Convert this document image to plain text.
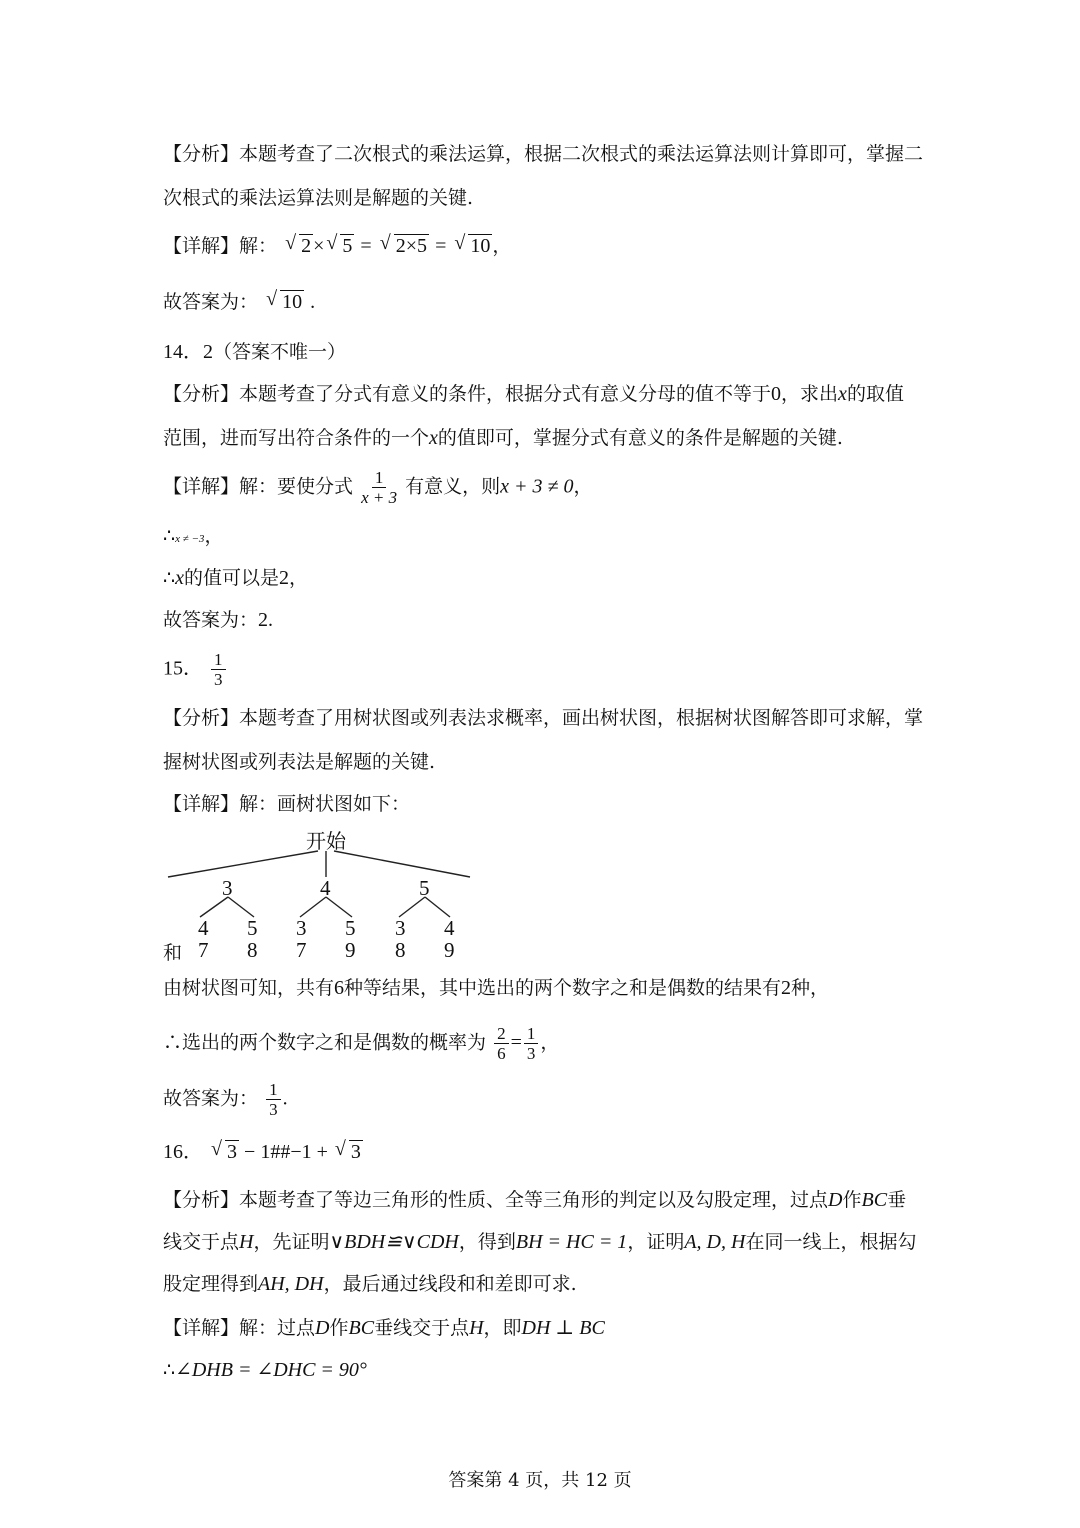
【分析】本题考查了二次根式的乘法运算，根据二次根式的乘法运算法则计算即可，掌握二
次根式的乘法运算法则是解题的关键.
【详解】解： √ 2 × √ 5 = √ 2×5 = √ 10 ，
故答案为： √ 10 .
14．2（答案不唯一）
【分析】本题考查了分式有意义的条件，根据分式有意义分母的值不等于0，求出x的取值
范围，进而写出符合条件的一个x的值即可，掌握分式有意义的条件是解题的关键.
【详解】解：要使分式 $\frac{1}{x + 3}$ 有意义，则x + 3 ≠ 0，
∴x ≠ −3，
∴x的值可以是2，
故答案为：2.
15． $\frac{1}{3}$
【分析】本题考查了用树状图或列表法求概率，画出树状图，根据树状图解答即可求解，掌
握树状图或列表法是解题的关键.
【详解】解：画树状图如下：
开始
3	4	5
4 5 3 5 3 4
和 7 8 7 9 8 9
由树状图可知，共有6种等结果，其中选出的两个数字之和是偶数的结果有2种，
∴选出的两个数字之和是偶数的概率为 $\frac{2}{6} = \frac{1}{3}$ ，
故答案为： $\frac{1}{3}$ .
16． √ 3 − 1##−1 + √ 3
【分析】本题考查了等边三角形的性质、全等三角形的判定以及勾股定理，过点D作BC垂
线交于点H，先证明∨BDH≌∨CDH，得到BH = HC = 1，证明A, D, H在同一线上，根据勾
股定理得到AH, DH，最后通过线段和和差即可求.
【详解】解：过点D作BC垂线交于点H，即DH ⊥ BC
∴∠DHB = ∠DHC = 90°
答案第 4 页，共 12 页
